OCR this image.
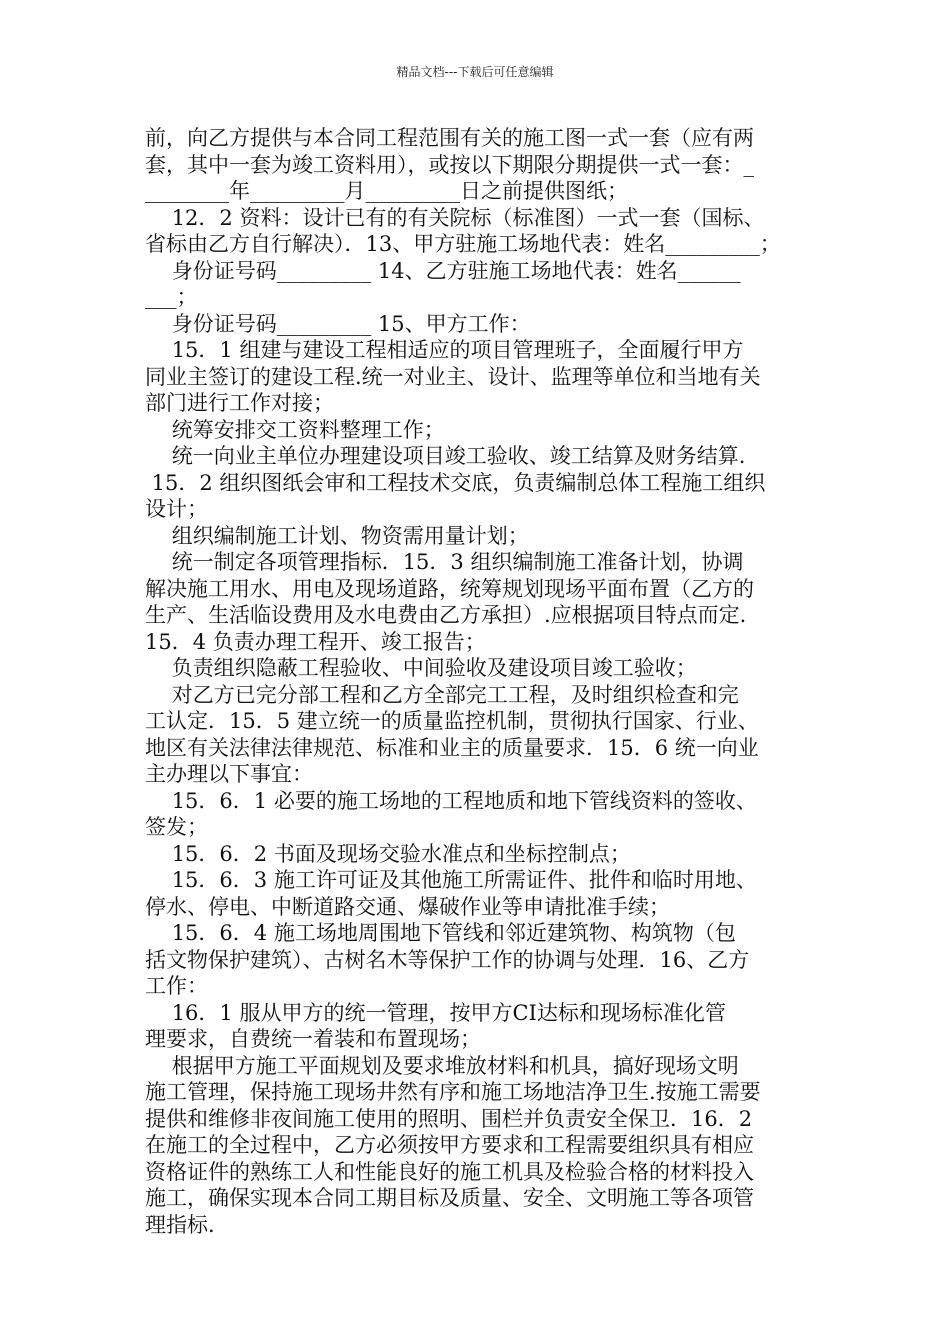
精品文档---下载后可任意编辑
前，向乙方提供与本合同工程范围有关的施工图一式一套（应有两
套，其中一套为竣工资料用），或按以下期限分期提供一式一套：_
________年_________月_________日之前提供图纸；
12．2 资料：设计已有的有关院标（标准图）一式一套（国标、
省标由乙方自行解决）．13、甲方驻施工场地代表：姓名_________；
身份证号码_________ 14、乙方驻施工场地代表：姓名______
___；
身份证号码_________ 15、甲方工作：
15．1 组建与建设工程相适应的项目管理班子，全面履行甲方
同业主签订的建设工程.统一对业主、设计、监理等单位和当地有关
部门进行工作对接；
统筹安排交工资料整理工作；
统一向业主单位办理建设项目竣工验收、竣工结算及财务结算.
15．2 组织图纸会审和工程技术交底，负责编制总体工程施工组织
设计；
组织编制施工计划、物资需用量计划；
统一制定各项管理指标．15．3 组织编制施工准备计划，协调
解决施工用水、用电及现场道路，统筹规划现场平面布置（乙方的
生产、生活临设费用及水电费由乙方承担）.应根据项目特点而定.
15．4 负责办理工程开、竣工报告；
负责组织隐蔽工程验收、中间验收及建设项目竣工验收；
对乙方已完分部工程和乙方全部完工工程，及时组织检查和完
工认定．15．5 建立统一的质量监控机制，贯彻执行国家、行业、
地区有关法律法律规范、标准和业主的质量要求．15．6 统一向业
主办理以下事宜：
15．6．1 必要的施工场地的工程地质和地下管线资料的签收、
签发；
15．6．2 书面及现场交验水准点和坐标控制点；
15．6．3 施工许可证及其他施工所需证件、批件和临时用地、
停水、停电、中断道路交通、爆破作业等申请批准手续；
15．6．4 施工场地周围地下管线和邻近建筑物、构筑物（包
括文物保护建筑）、古树名木等保护工作的协调与处理．16、乙方
工作：
16．1 服从甲方的统一管理，按甲方CI达标和现场标准化管
理要求，自费统一着装和布置现场；
根据甲方施工平面规划及要求堆放材料和机具，搞好现场文明
施工管理，保持施工现场井然有序和施工场地洁净卫生.按施工需要
提供和维修非夜间施工使用的照明、围栏并负责安全保卫．16．2
在施工的全过程中，乙方必须按甲方要求和工程需要组织具有相应
资格证件的熟练工人和性能良好的施工机具及检验合格的材料投入
施工，确保实现本合同工期目标及质量、安全、文明施工等各项管
理指标.
